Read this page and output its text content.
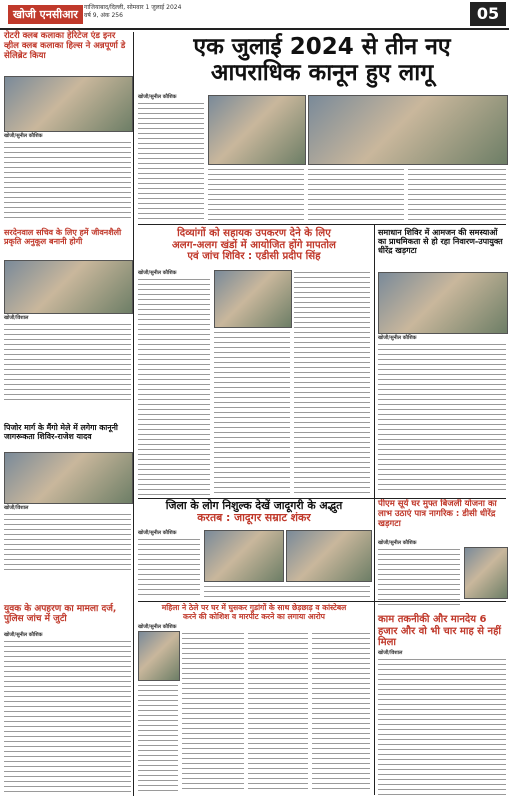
खोजी एनसीआर
गाजियाबाद/दिल्ली, सोमवार 1 जुलाई 2024
वर्ष 9, अंक 256	05
रोटरी क्लब कलाका हेरिटेज एंड इनर व्हील क्लब कलाका हिल्स ने अन्नपूर्णा डे सेलिब्रेट किया
खोजी/सुनील कौशिक
सरदेनवाल सचिव के लिए हमें जीवनशैली प्रकृति अनुकूल बनानी होगी
खोजी/विशाल
पिजोर मार्ग के मैंगो मेले में लगेगा कानूनी जागरूकता शिविर-राजेश यादव
खोजी/विशाल
युवक के अपहरण का मामला दर्ज, पुलिस जांच में जुटी
खोजी/सुनील कौशिक
एक जुलाई 2024 से तीन नए
आपराधिक कानून हुए लागू
खोजी/सुनील कौशिक
दिव्यांगों को सहायक उपकरण देने के लिए
अलग-अलग खंडों में आयोजित होंगे मापतोल
एवं जांच शिविर : एडीसी प्रदीप सिंह
खोजी/सुनील कौशिक
समाधान शिविर में आमजन की समस्याओं का प्राथमिकता से हो रहा निवारण-उपायुक्त धीरेंद्र खड़गटा
खोजी/सुनील कौशिक
पीएम सूर्य घर मुफ्त बिजली योजना का लाभ उठाएं पात्र नागरिक : डीसी धीरेंद्र खड़गटा
खोजी/सुनील कौशिक
काम तकनीकी और मानदेय 6 हजार और वो भी चार माह से नहीं मिला
खोजी/विशाल
जिला के लोग निशुल्क देखें जादूगरी के अद्भुत
करतब : जादूगर सम्राट शंकर
खोजी/सुनील कौशिक
महिला ने ठेले पर घर में घुसकर गुडांगों के साथ छेड़छाड़ व कांस्टेबल
करने की कोशिश व मारपीट करने का लगाया आरोप
खोजी/सुनील कौशिक
